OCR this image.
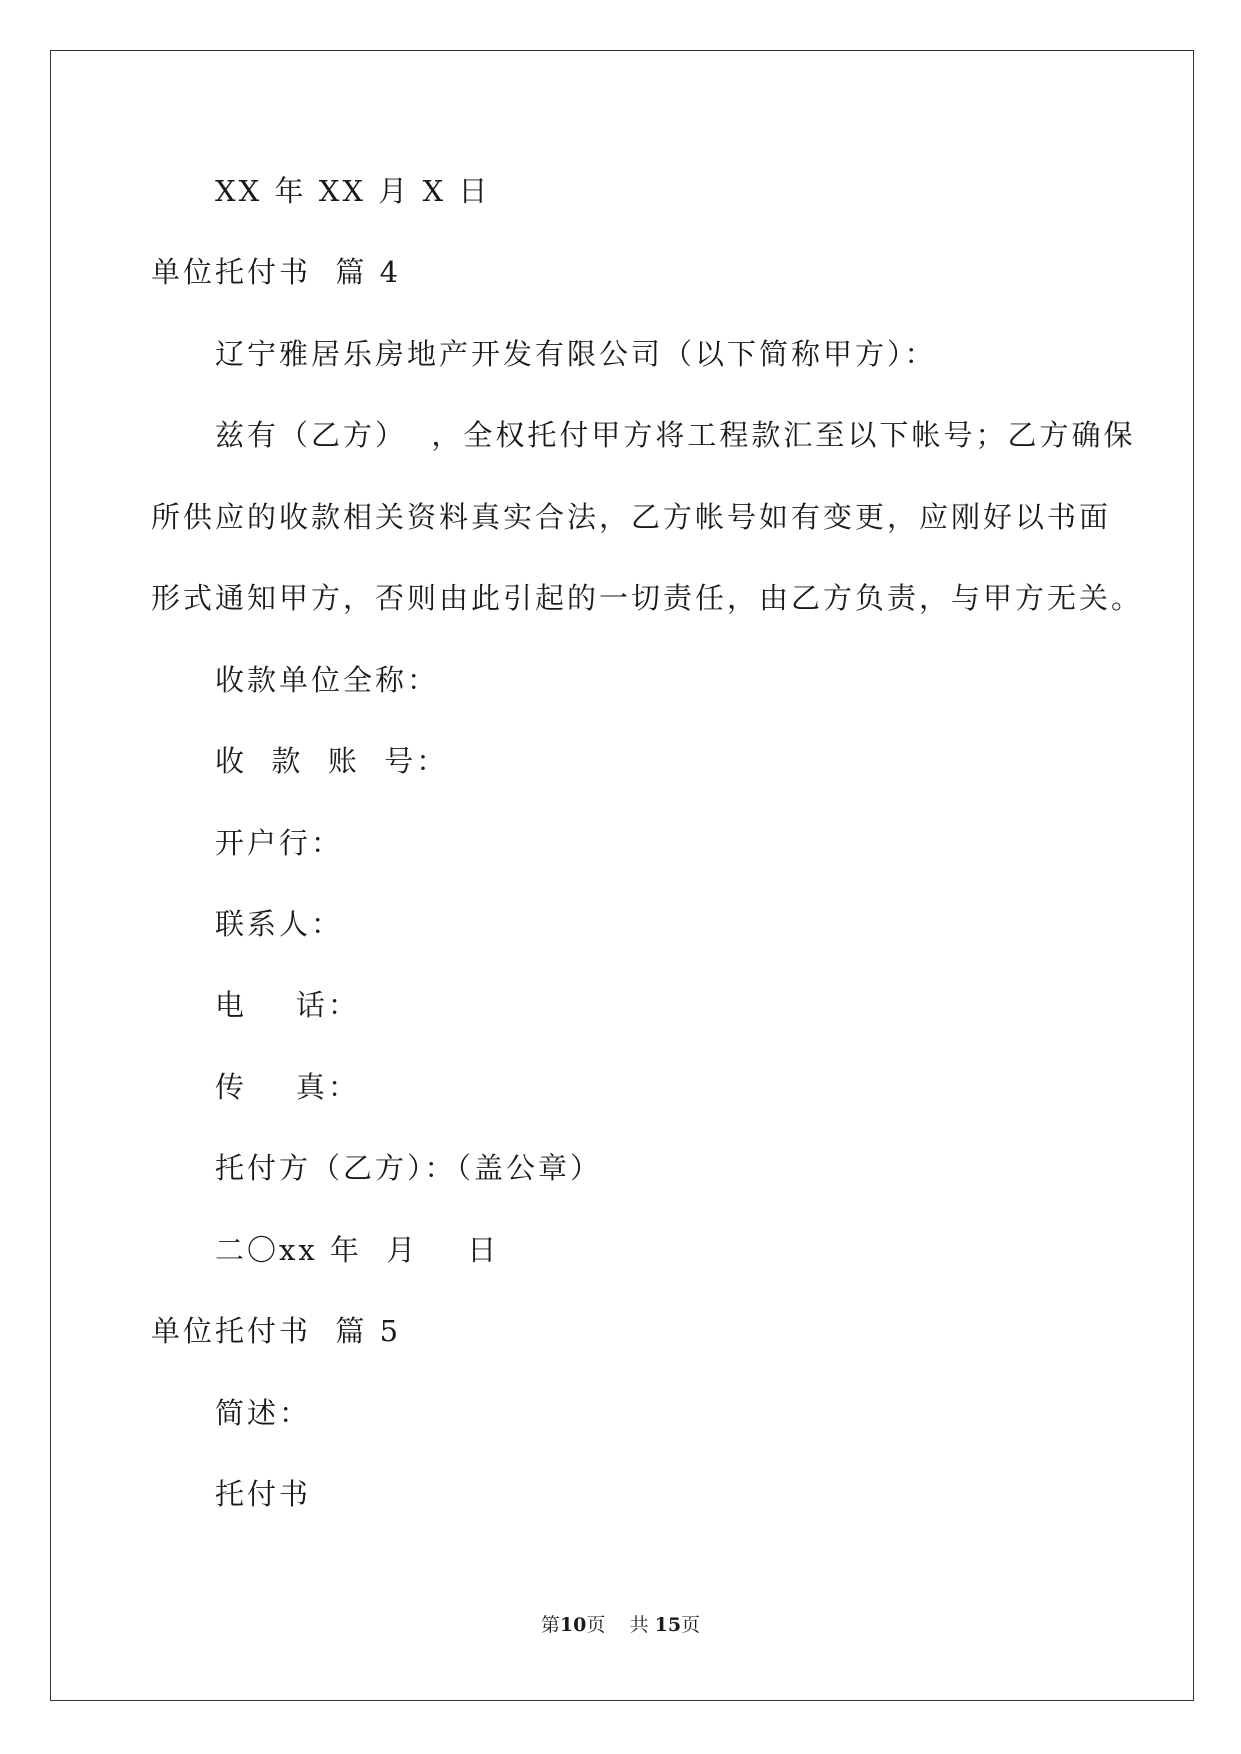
XX 年 XX 月 X 日
单位托付书  篇 4
辽宁雅居乐房地产开发有限公司（以下简称甲方）：
兹有（乙方）  ，全权托付甲方将工程款汇至以下帐号；乙方确保
所供应的收款相关资料真实合法，乙方帐号如有变更，应刚好以书面
形式通知甲方，否则由此引起的一切责任，由乙方负责，与甲方无关。
收款单位全称：
收  款  账  号：
开户行：
联系人：
电    话：
传    真：
托付方（乙方）：（盖公章）
二〇xx 年  月    日
单位托付书  篇 5
简述：
托付书
第10页 共 15页
